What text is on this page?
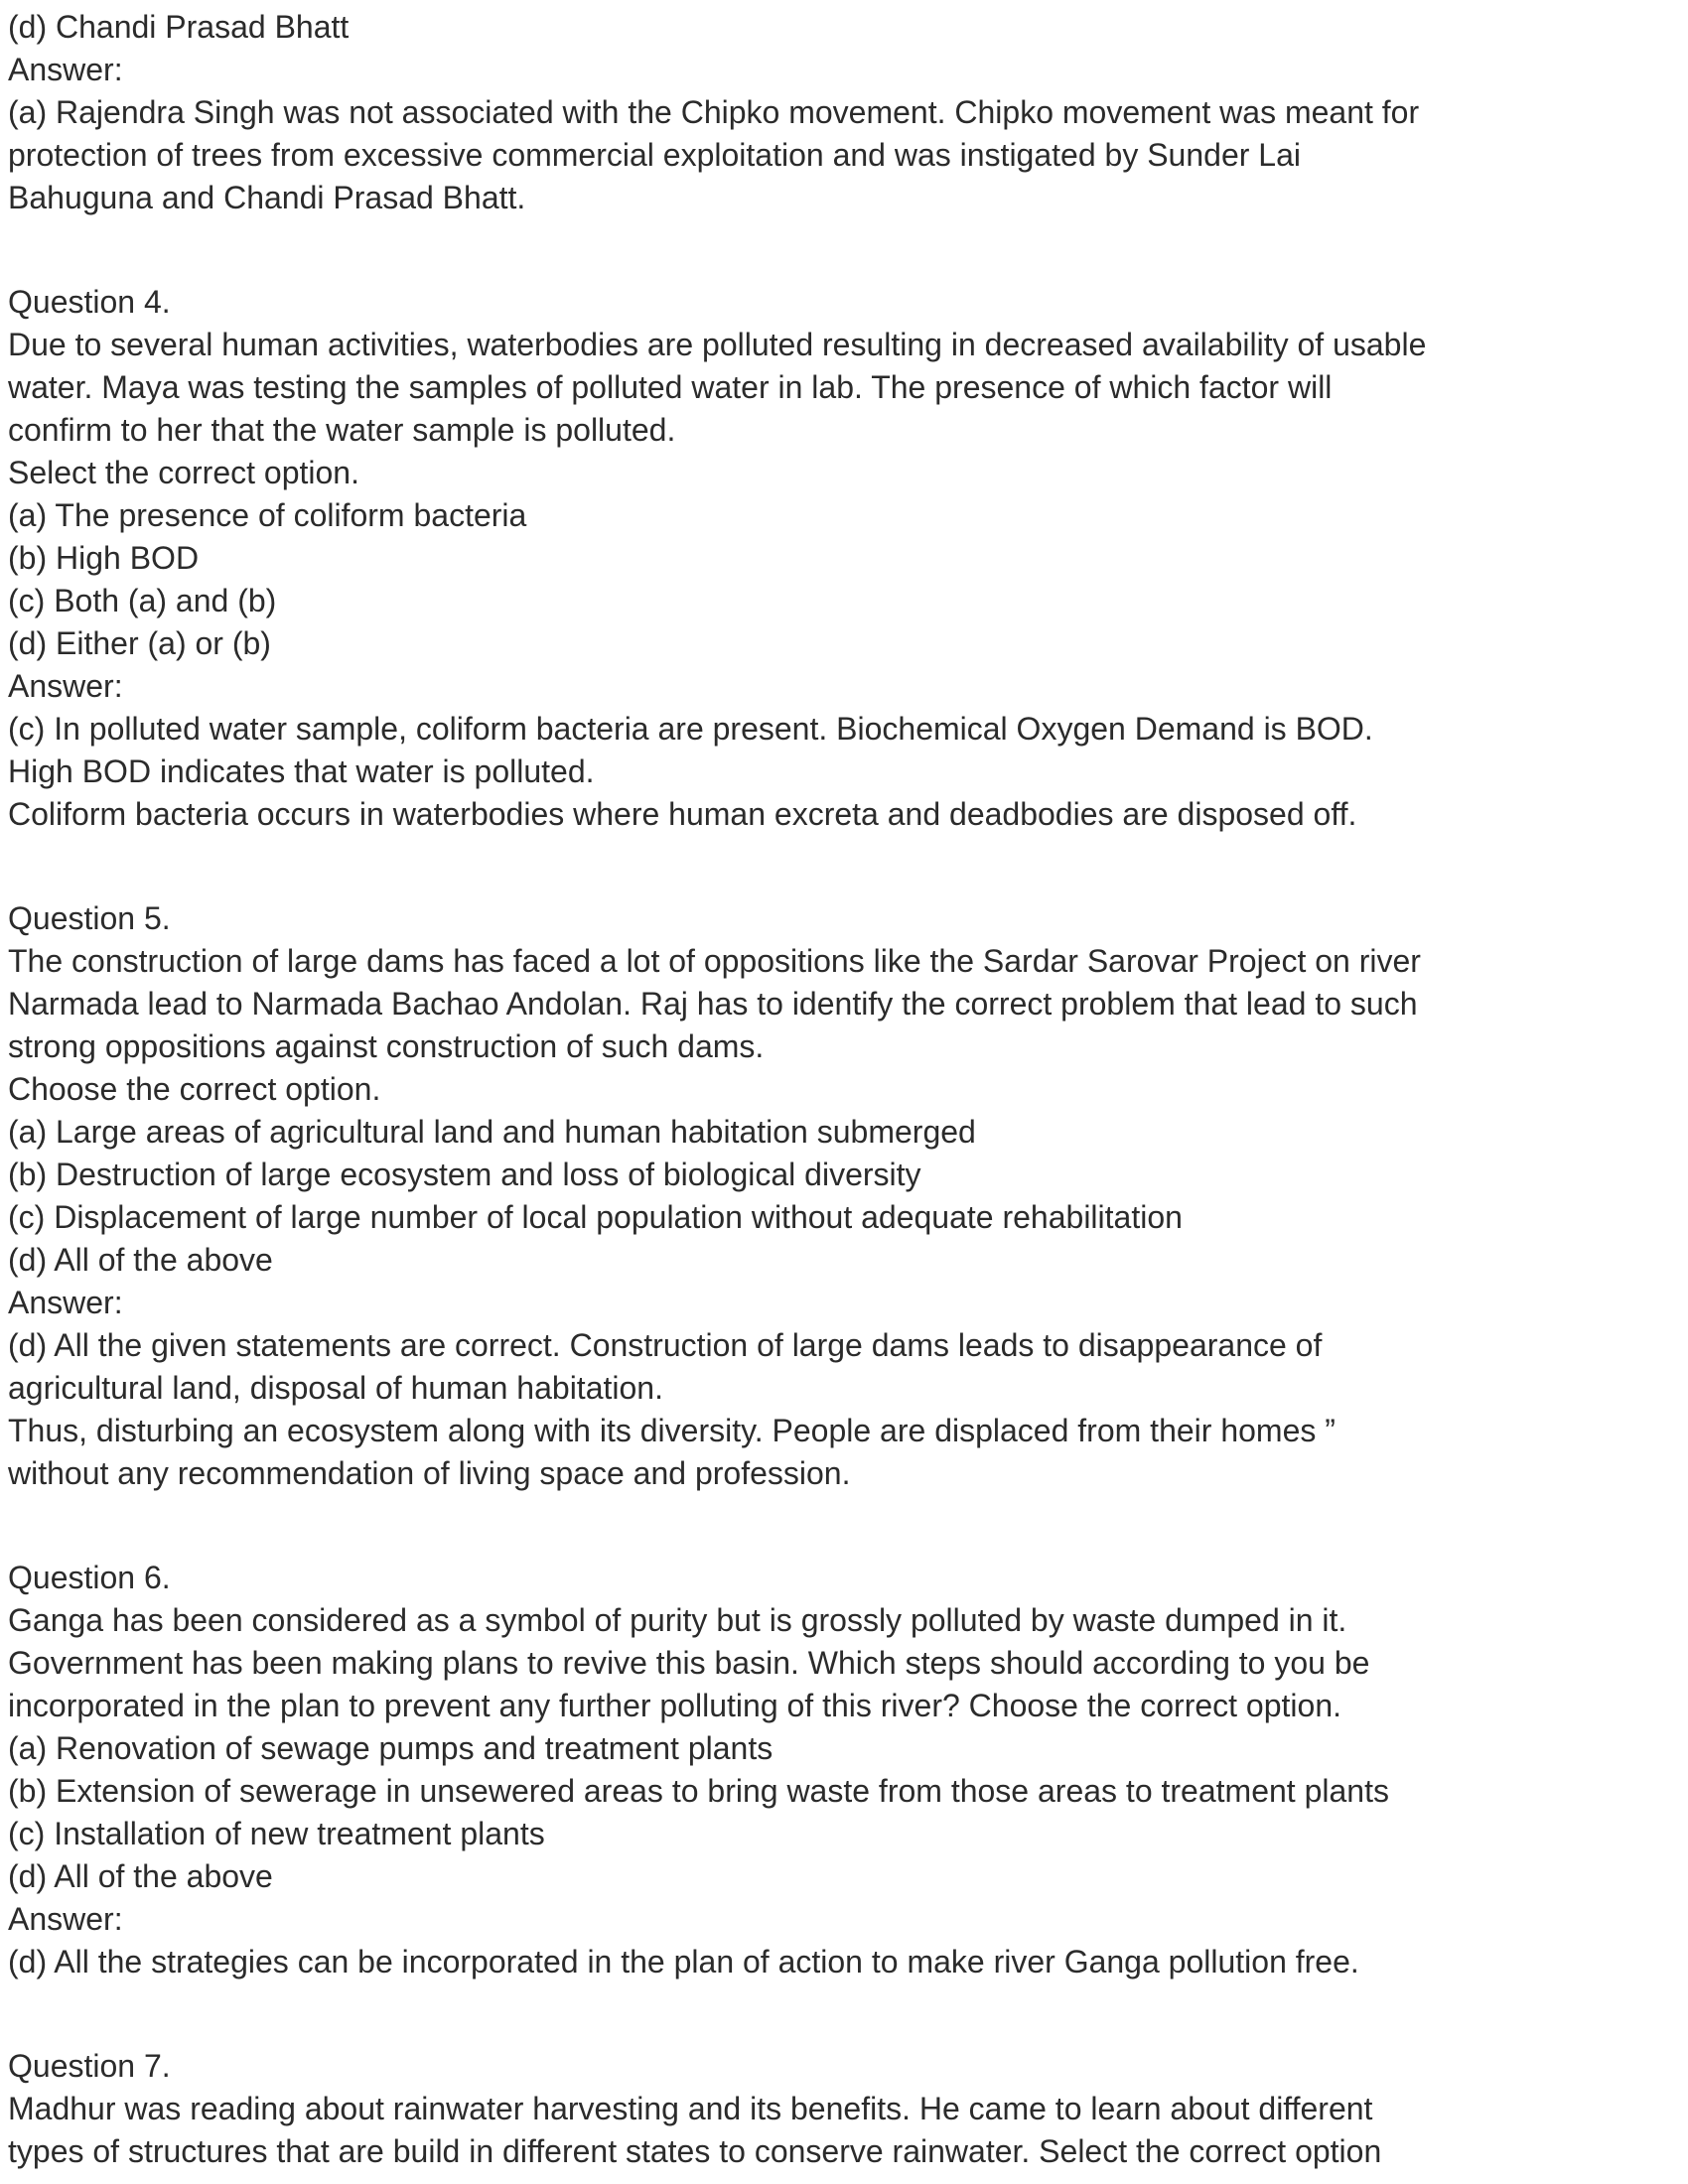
(d) Chandi Prasad Bhatt
Answer:
(a) Rajendra Singh was not associated with the Chipko movement. Chipko movement was meant for
protection of trees from excessive commercial exploitation and was instigated by Sunder Lai
Bahuguna and Chandi Prasad Bhatt.
Question 4.
Due to several human activities, waterbodies are polluted resulting in decreased availability of usable
water. Maya was testing the samples of polluted water in lab. The presence of which factor will
confirm to her that the water sample is polluted.
Select the correct option.
(a) The presence of coliform bacteria
(b) High BOD
(c) Both (a) and (b)
(d) Either (a) or (b)
Answer:
(c) In polluted water sample, coliform bacteria are present. Biochemical Oxygen Demand is BOD.
High BOD indicates that water is polluted.
Coliform bacteria occurs in waterbodies where human excreta and deadbodies are disposed off.
Question 5.
The construction of large dams has faced a lot of oppositions like the Sardar Sarovar Project on river
Narmada lead to Narmada Bachao Andolan. Raj has to identify the correct problem that lead to such
strong oppositions against construction of such dams.
Choose the correct option.
(a) Large areas of agricultural land and human habitation submerged
(b) Destruction of large ecosystem and loss of biological diversity
(c) Displacement of large number of local population without adequate rehabilitation
(d) All of the above
Answer:
(d) All the given statements are correct. Construction of large dams leads to disappearance of
agricultural land, disposal of human habitation.
Thus, disturbing an ecosystem along with its diversity. People are displaced from their homes ”
without any recommendation of living space and profession.
Question 6.
Ganga has been considered as a symbol of purity but is grossly polluted by waste dumped in it.
Government has been making plans to revive this basin. Which steps should according to you be
incorporated in the plan to prevent any further polluting of this river? Choose the correct option.
(a) Renovation of sewage pumps and treatment plants
(b) Extension of sewerage in unsewered areas to bring waste from those areas to treatment plants
(c) Installation of new treatment plants
(d) All of the above
Answer:
(d) All the strategies can be incorporated in the plan of action to make river Ganga pollution free.
Question 7.
Madhur was reading about rainwater harvesting and its benefits. He came to learn about different
types of structures that are build in different states to conserve rainwater. Select the correct option
